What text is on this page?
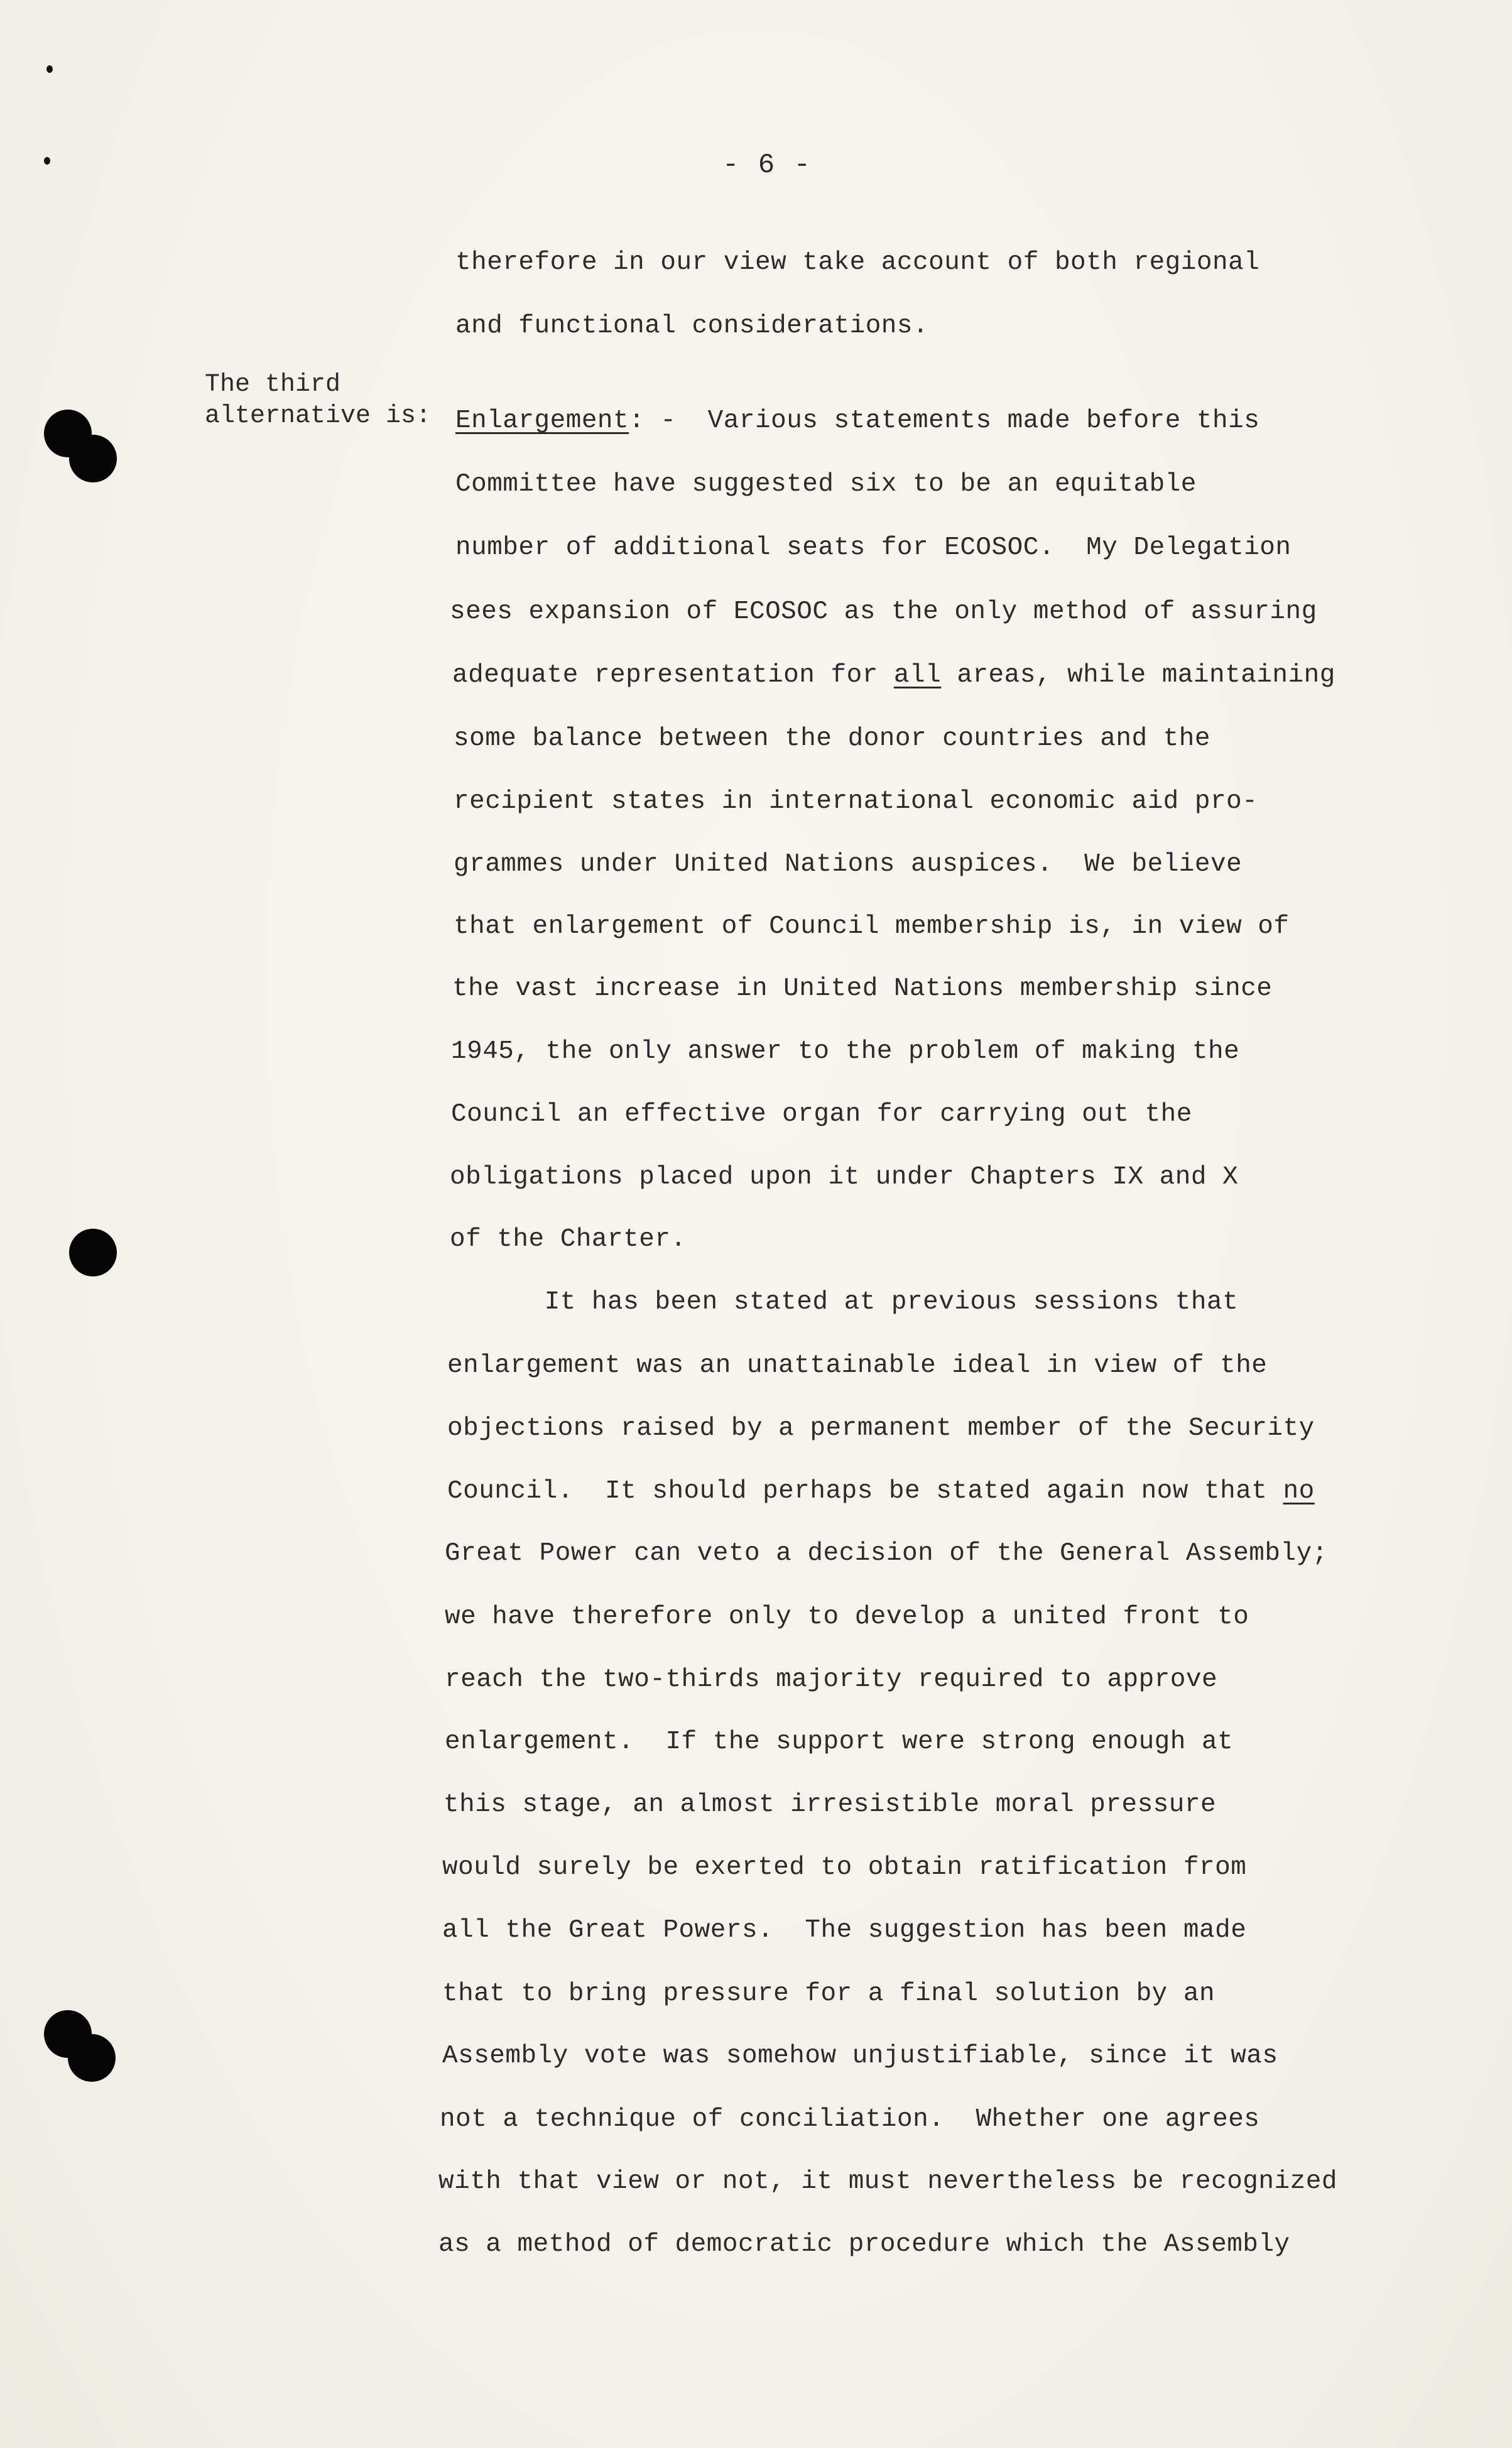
- 6 -
The third
alternative is:
therefore in our view take account of both regional
and functional considerations.
Enlargement: -  Various statements made before this
Committee have suggested six to be an equitable
number of additional seats for ECOSOC.  My Delegation
sees expansion of ECOSOC as the only method of assuring
adequate representation for all areas, while maintaining
some balance between the donor countries and the
recipient states in international economic aid pro-
grammes under United Nations auspices.  We believe
that enlargement of Council membership is, in view of
the vast increase in United Nations membership since
1945, the only answer to the problem of making the
Council an effective organ for carrying out the
obligations placed upon it under Chapters IX and X
of the Charter.
It has been stated at previous sessions that
enlargement was an unattainable ideal in view of the
objections raised by a permanent member of the Security
Council.  It should perhaps be stated again now that no
Great Power can veto a decision of the General Assembly;
we have therefore only to develop a united front to
reach the two-thirds majority required to approve
enlargement.  If the support were strong enough at
this stage, an almost irresistible moral pressure
would surely be exerted to obtain ratification from
all the Great Powers.  The suggestion has been made
that to bring pressure for a final solution by an
Assembly vote was somehow unjustifiable, since it was
not a technique of conciliation.  Whether one agrees
with that view or not, it must nevertheless be recognized
as a method of democratic procedure which the Assembly
